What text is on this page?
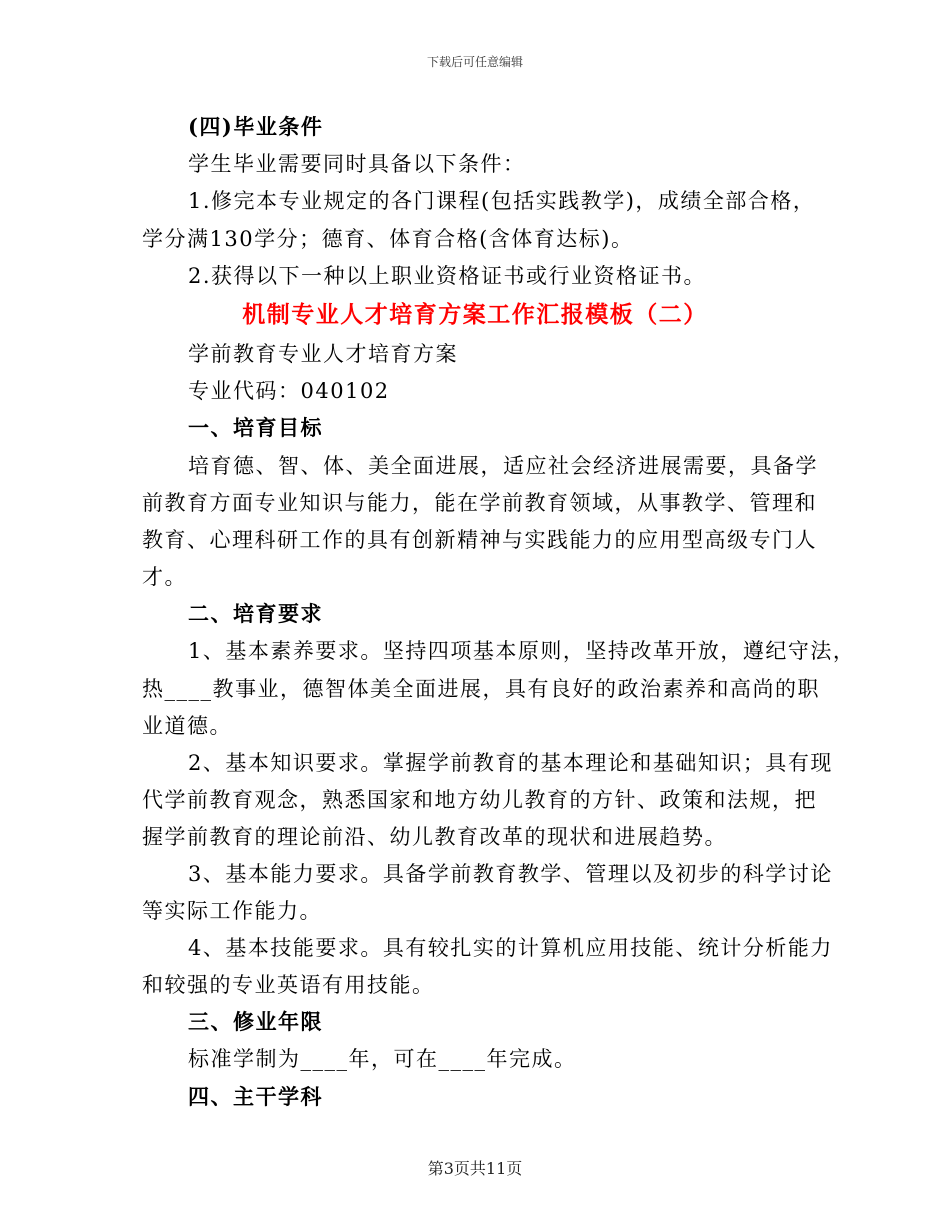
下载后可任意编辑
(四)毕业条件
学生毕业需要同时具备以下条件：
1.修完本专业规定的各门课程(包括实践教学)，成绩全部合格，
学分满130学分；德育、体育合格(含体育达标)。
2.获得以下一种以上职业资格证书或行业资格证书。
机制专业人才培育方案工作汇报模板（二）
学前教育专业人才培育方案
专业代码：040102
一、培育目标
培育德、智、体、美全面进展，适应社会经济进展需要，具备学
前教育方面专业知识与能力，能在学前教育领域，从事教学、管理和
教育、心理科研工作的具有创新精神与实践能力的应用型高级专门人
才。
二、培育要求
1、基本素养要求。坚持四项基本原则，坚持改革开放，遵纪守法，
热____教事业，德智体美全面进展，具有良好的政治素养和高尚的职
业道德。
2、基本知识要求。掌握学前教育的基本理论和基础知识；具有现
代学前教育观念，熟悉国家和地方幼儿教育的方针、政策和法规，把
握学前教育的理论前沿、幼儿教育改革的现状和进展趋势。
3、基本能力要求。具备学前教育教学、管理以及初步的科学讨论
等实际工作能力。
4、基本技能要求。具有较扎实的计算机应用技能、统计分析能力
和较强的专业英语有用技能。
三、修业年限
标准学制为____年，可在____年完成。
四、主干学科
第3页共11页
